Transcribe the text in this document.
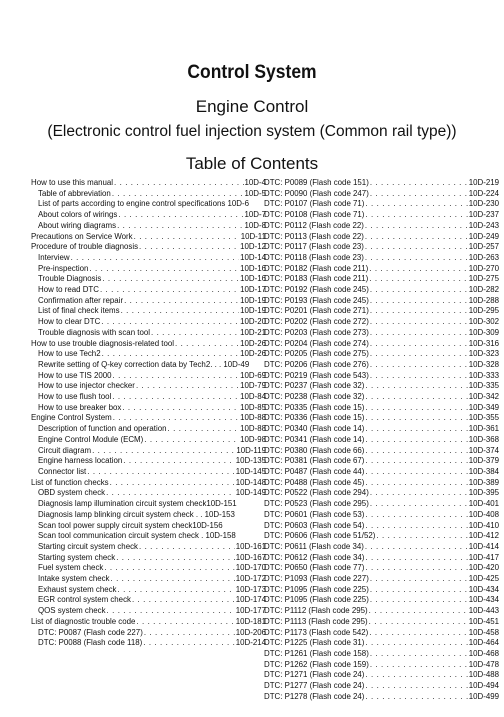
Control System
Engine Control
(Electronic control fuel injection system (Common rail type))
Table of Contents
How to use this manual . . .	10D-4
Table of abbreviation . . .	10D-5
List of parts according to engine control specifications 10D-6
About colors of wirings . . .	10D-7
About wiring diagrams . . .	10D-8
Precautions on Service Work . . .	10D-11
Procedure of trouble diagnosis . . .	10D-12
Interview . . .	10D-14
Pre-inspection . . .	10D-16
Trouble Diagnosis . . .	10D-16
How to read DTC . . .	10D-17
Confirmation after repair . . .	10D-19
List of final check items . . .	10D-19
How to clear DTC . . .	10D-20
Trouble diagnosis with scan tool . . .	10D-21
How to use trouble diagnosis-related tool . . .	10D-26
How to use Tech2 . . .	10D-26
Rewrite setting of Q-key correction data by Tech2. . . 10D-49
How to use TIS 2000 . . .	10D-69
How to use injector checker . . .	10D-79
How to use flush tool . . .	10D-84
How to use breaker box . . .	10D-85
Engine Control System . . .	10D-88
Description of function and operation . . .	10D-88
Engine Control Module (ECM) . . .	10D-98
Circuit diagram . . .	10D-119
Engine harness location . . .	10D-135
Connector list . . .	10D-145
List of function checks . . .	10D-148
OBD system check . . .	10D-149
Diagnosis lamp illumination circuit system check10D-151
Diagnosis lamp blinking circuit system check . . 10D-153
Scan tool power supply circuit system check10D-156
Scan tool communication circuit system check . 10D-158
Starting circuit system check . . .	10D-161
Starting system check . . .	10D-167
Fuel system check . . .	10D-170
Intake system check . . .	10D-172
Exhaust system check . . .	10D-173
EGR control system check . . .	10D-174
QOS system check . . .	10D-177
List of diagnostic trouble code . . .	10D-181
DTC: P0087 (Flash code 227) . . .	10D-206
DTC: P0088 (Flash code 118) . . .	10D-214
DTC: P0089 (Flash code 151) . . .	10D-219
DTC: P0090 (Flash code 247) . . .	10D-224
DTC: P0107 (Flash code 71) . . .	10D-230
DTC: P0108 (Flash code 71) . . .	10D-237
DTC: P0112 (Flash code 22) . . .	10D-243
DTC: P0113 (Flash code 22) . . .	10D-249
DTC: P0117 (Flash code 23) . . .	10D-257
DTC: P0118 (Flash code 23) . . .	10D-263
DTC: P0182 (Flash code 211) . . .	10D-270
DTC: P0183 (Flash code 211) . . .	10D-275
DTC: P0192 (Flash code 245) . . .	10D-282
DTC: P0193 (Flash code 245) . . .	10D-288
DTC: P0201 (Flash code 271) . . .	10D-295
DTC: P0202 (Flash code 272) . . .	10D-302
DTC: P0203 (Flash code 273) . . .	10D-309
DTC: P0204 (Flash code 274) . . .	10D-316
DTC: P0205 (Flash code 275) . . .	10D-323
DTC: P0206 (Flash code 276) . . .	10D-328
DTC: P0219 (Flash code 543) . . .	10D-333
DTC: P0237 (Flash code 32) . . .	10D-335
DTC: P0238 (Flash code 32) . . .	10D-342
DTC: P0335 (Flash code 15) . . .	10D-349
DTC: P0336 (Flash code 15) . . .	10D-355
DTC: P0340 (Flash code 14) . . .	10D-361
DTC: P0341 (Flash code 14) . . .	10D-368
DTC: P0380 (Flash code 66) . . .	10D-374
DTC: P0381 (Flash code 67) . . .	10D-379
DTC: P0487 (Flash code 44) . . .	10D-384
DTC: P0488 (Flash code 45) . . .	10D-389
DTC: P0522 (Flash code 294) . . .	10D-395
DTC: P0523 (Flash code 295) . . .	10D-401
DTC: P0601 (Flash code 53) . . .	10D-408
DTC: P0603 (Flash code 54) . . .	10D-410
DTC: P0606 (Flash code 51/52) . . .	10D-412
DTC: P0611 (Flash code 34) . . .	10D-414
DTC: P0612 (Flash code 34) . . .	10D-417
DTC: P0650 (Flash code 77) . . .	10D-420
DTC: P1093 (Flash code 227) . . .	10D-425
DTC: P1095 (Flash code 225) . . .	10D-434
DTC: P1095 (Flash code 225) . . .	10D-434
DTC: P1112 (Flash code 295) . . .	10D-443
DTC: P1113 (Flash code 295) . . .	10D-451
DTC: P1173 (Flash code 542) . . .	10D-458
DTC: P1225 (Flash code 31) . . .	10D-464
DTC: P1261 (Flash code 158) . . .	10D-468
DTC: P1262 (Flash code 159) . . .	10D-478
DTC: P1271 (Flash code 24) . . .	10D-488
DTC: P1277 (Flash code 24) . . .	10D-494
DTC: P1278 (Flash code 24) . . .	10D-499
